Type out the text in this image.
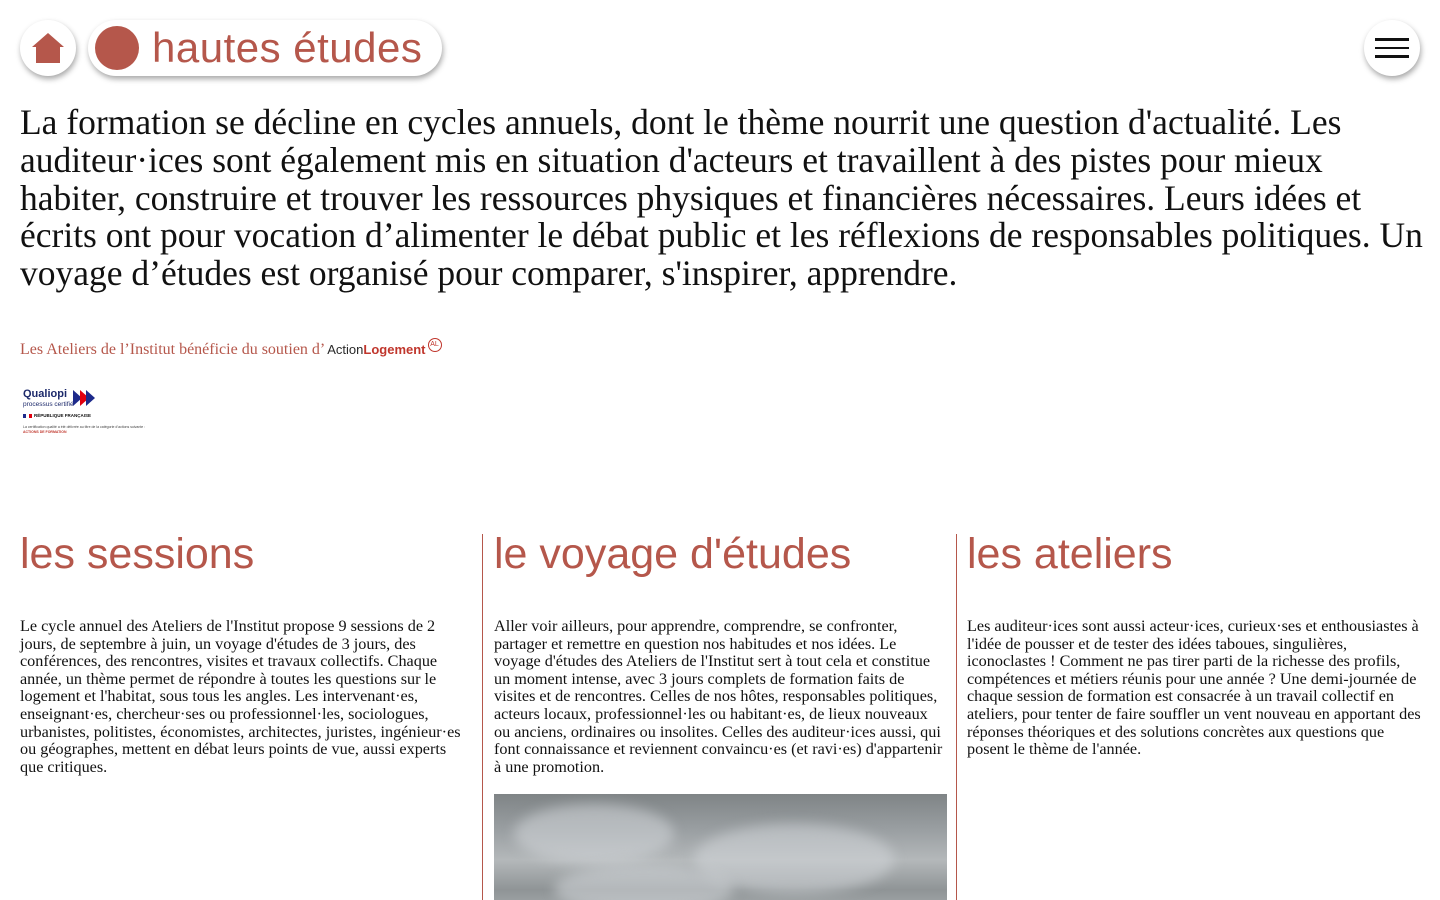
hautes études

La formation se décline en cycles annuels, dont le thème nourrit une question d'actualité. Les auditeur·ices sont également mis en situation d'acteurs et travaillent à des pistes pour mieux habiter, construire et trouver les ressources physiques et financières nécessaires. Leurs idées et écrits ont pour vocation d’alimenter le débat public et les réflexions de responsables politiques. Un voyage d’études est organisé pour comparer, s'inspirer, apprendre.

Les Ateliers de l’Institut bénéficie du soutien d’ ActionLogement AL
Qualiopi
processus certifié
RÉPUBLIQUE FRANÇAISE
La certification qualité a été délivrée au titre de la catégorie d’actions suivante :
ACTIONS DE FORMATION
les sessions

Le cycle annuel des Ateliers de l'Institut propose 9 sessions de 2 jours, de septembre à juin, un voyage d'études de 3 jours, des conférences, des rencontres, visites et travaux collectifs. Chaque année, un thème permet de répondre à toutes les questions sur le logement et l'habitat, sous tous les angles. Les intervenant·es, enseignant·es, chercheur·ses ou professionnel·les, sociologues, urbanistes, politistes, économistes, architectes, juristes, ingénieur·es ou géographes, mettent en débat leurs points de vue, aussi experts que critiques.

le voyage d'études

Aller voir ailleurs, pour apprendre, comprendre, se confronter, partager et remettre en question nos habitudes et nos idées. Le voyage d'études des Ateliers de l'Institut sert à tout cela et constitue un moment intense, avec 3 jours complets de formation faits de visites et de rencontres. Celles de nos hôtes, responsables politiques, acteurs locaux, professionnel·les ou habitant·es, de lieux nouveaux ou anciens, ordinaires ou insolites. Celles des auditeur·ices aussi, qui font connaissance et reviennent convaincu·es (et ravi·es) d'appartenir à une promotion.

les ateliers

Les auditeur·ices sont aussi acteur·ices, curieux·ses et enthousiastes à l'idée de pousser et de tester des idées taboues, singulières, iconoclastes ! Comment ne pas tirer parti de la richesse des profils, compétences et métiers réunis pour une année ? Une demi-journée de chaque session de formation est consacrée à un travail collectif en ateliers, pour tenter de faire souffler un vent nouveau en apportant des réponses théoriques et des solutions concrètes aux questions que posent le thème de l'année.
